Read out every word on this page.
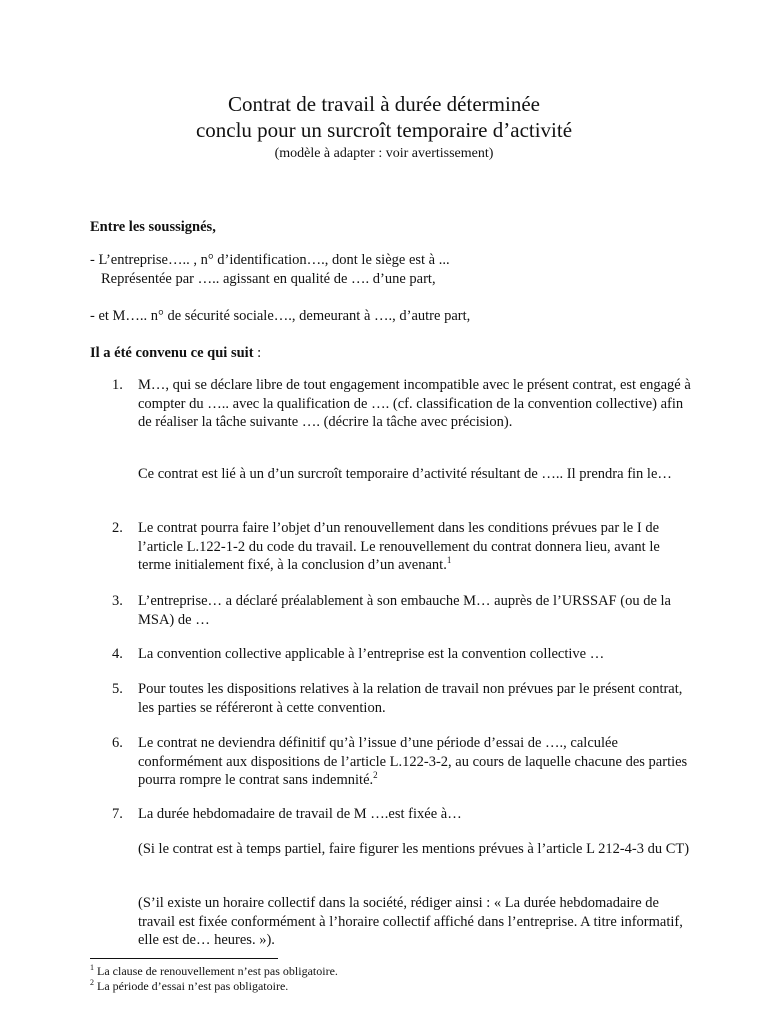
Contrat de travail à durée déterminée
conclu pour un surcroît temporaire d’activité
(modèle à adapter : voir avertissement)
Entre les soussignés,
- L’entreprise….. , n° d’identification…., dont le siège est à ...
Représentée par ….. agissant en qualité de …. d’une part,
- et M….. n° de sécurité sociale…., demeurant à …., d’autre part,
Il a été convenu ce qui suit :
1.	M…, qui se déclare libre de tout engagement incompatible avec le présent contrat, est engagé à compter du ….. avec la qualification de …. (cf. classification de la convention collective) afin de réaliser la tâche suivante …. (décrire la tâche avec précision).
Ce contrat est lié à un d’un surcroît temporaire d’activité résultant de ….. Il prendra fin le…
2.	Le contrat pourra faire l’objet d’un renouvellement dans les conditions prévues par le I de l’article L.122-1-2 du code du travail. Le renouvellement du contrat donnera lieu, avant le terme initialement fixé, à la conclusion d’un avenant.$^1$
3.	L’entreprise… a déclaré préalablement à son embauche M… auprès de l’URSSAF (ou de la MSA) de …
4.	La convention collective applicable à l’entreprise est la convention collective …
5.	Pour toutes les dispositions relatives à la relation de travail non prévues par le présent contrat, les parties se référeront à cette convention.
6.	Le contrat ne deviendra définitif qu’à l’issue d’une période d’essai de …., calculée conformément aux dispositions de l’article L.122-3-2, au cours de laquelle chacune des parties pourra rompre le contrat sans indemnité.$^2$
7.	La durée hebdomadaire de travail de M ….est fixée à…
(Si le contrat est à temps partiel, faire figurer les mentions prévues à l’article L 212-4-3 du CT)
(S’il existe un horaire collectif dans la société, rédiger ainsi : « La durée hebdomadaire de travail est fixée conformément à l’horaire collectif affiché dans l’entreprise. A titre informatif, elle est de… heures. »).
$^1$ La clause de renouvellement n’est pas obligatoire.
$^2$ La période d’essai n’est pas obligatoire.
